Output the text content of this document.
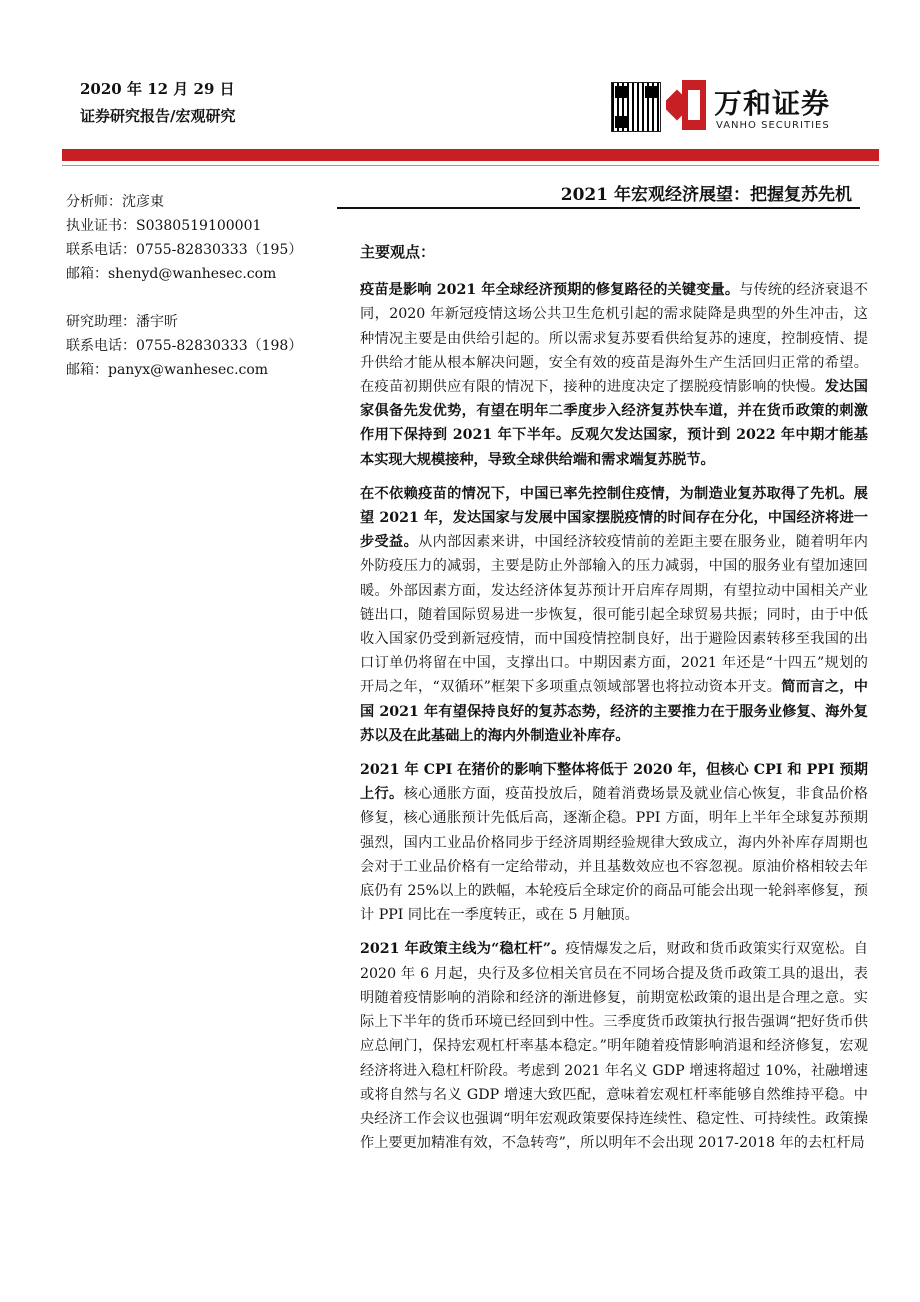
2020 年 12 月 29 日
证券研究报告/宏观研究	万和证券
VANHO SECURITIES
分析师：沈彦東
执业证书：S0380519100001
联系电话：0755-82830333（195）
邮箱：shenyd@wanhesec.com
研究助理：潘宇昕
联系电话：0755-82830333（198）
邮箱：panyx@wanhesec.com
2021 年宏观经济展望：把握复苏先机
主要观点：

疫苗是影响 2021 年全球经济预期的修复路径的关键变量。与传统的经济衰退不同，2020 年新冠疫情这场公共卫生危机引起的需求陡降是典型的外生冲击，这种情况主要是由供给引起的。所以需求复苏要看供给复苏的速度，控制疫情、提升供给才能从根本解决问题，安全有效的疫苗是海外生产生活回归正常的希望。在疫苗初期供应有限的情况下，接种的进度决定了摆脱疫情影响的快慢。发达国家俱备先发优势，有望在明年二季度步入经济复苏快车道，并在货币政策的刺激作用下保持到 2021 年下半年。反观欠发达国家，预计到 2022 年中期才能基本实现大规模接种，导致全球供给端和需求端复苏脱节。

在不依赖疫苗的情况下，中国已率先控制住疫情，为制造业复苏取得了先机。展望 2021 年，发达国家与发展中国家摆脱疫情的时间存在分化，中国经济将进一步受益。从内部因素来讲，中国经济较疫情前的差距主要在服务业，随着明年内外防疫压力的减弱，主要是防止外部输入的压力减弱，中国的服务业有望加速回暖。外部因素方面，发达经济体复苏预计开启库存周期，有望拉动中国相关产业链出口，随着国际贸易进一步恢复，很可能引起全球贸易共振；同时，由于中低收入国家仍受到新冠疫情，而中国疫情控制良好，出于避险因素转移至我国的出口订单仍将留在中国，支撑出口。中期因素方面，2021 年还是“十四五”规划的开局之年，“双循环”框架下多项重点领域部署也将拉动资本开支。简而言之，中国 2021 年有望保持良好的复苏态势，经济的主要推力在于服务业修复、海外复苏以及在此基础上的海内外制造业补库存。

2021 年 CPI 在猪价的影响下整体将低于 2020 年，但核心 CPI 和 PPI 预期上行。核心通胀方面，疫苗投放后，随着消费场景及就业信心恢复，非食品价格修复，核心通胀预计先低后高，逐渐企稳。PPI 方面，明年上半年全球复苏预期强烈，国内工业品价格同步于经济周期经验规律大致成立，海内外补库存周期也会对于工业品价格有一定给带动，并且基数效应也不容忽视。原油价格相较去年底仍有 25%以上的跌幅，本轮疫后全球定价的商品可能会出现一轮斜率修复，预计 PPI 同比在一季度转正，或在 5 月触顶。

2021 年政策主线为“稳杠杆”。疫情爆发之后，财政和货币政策实行双宽松。自 2020 年 6 月起，央行及多位相关官员在不同场合提及货币政策工具的退出，表明随着疫情影响的消除和经济的渐进修复，前期宽松政策的退出是合理之意。实际上下半年的货币环境已经回到中性。三季度货币政策执行报告强调“把好货币供应总闸门，保持宏观杠杆率基本稳定。”明年随着疫情影响消退和经济修复，宏观经济将进入稳杠杆阶段。考虑到 2021 年名义 GDP 增速将超过 10%，社融增速或将自然与名义 GDP 增速大致匹配，意味着宏观杠杆率能够自然维持平稳。中央经济工作会议也强调“明年宏观政策要保持连续性、稳定性、可持续性。政策操作上要更加精准有效，不急转弯”，所以明年不会出现 2017-2018 年的去杠杆局
